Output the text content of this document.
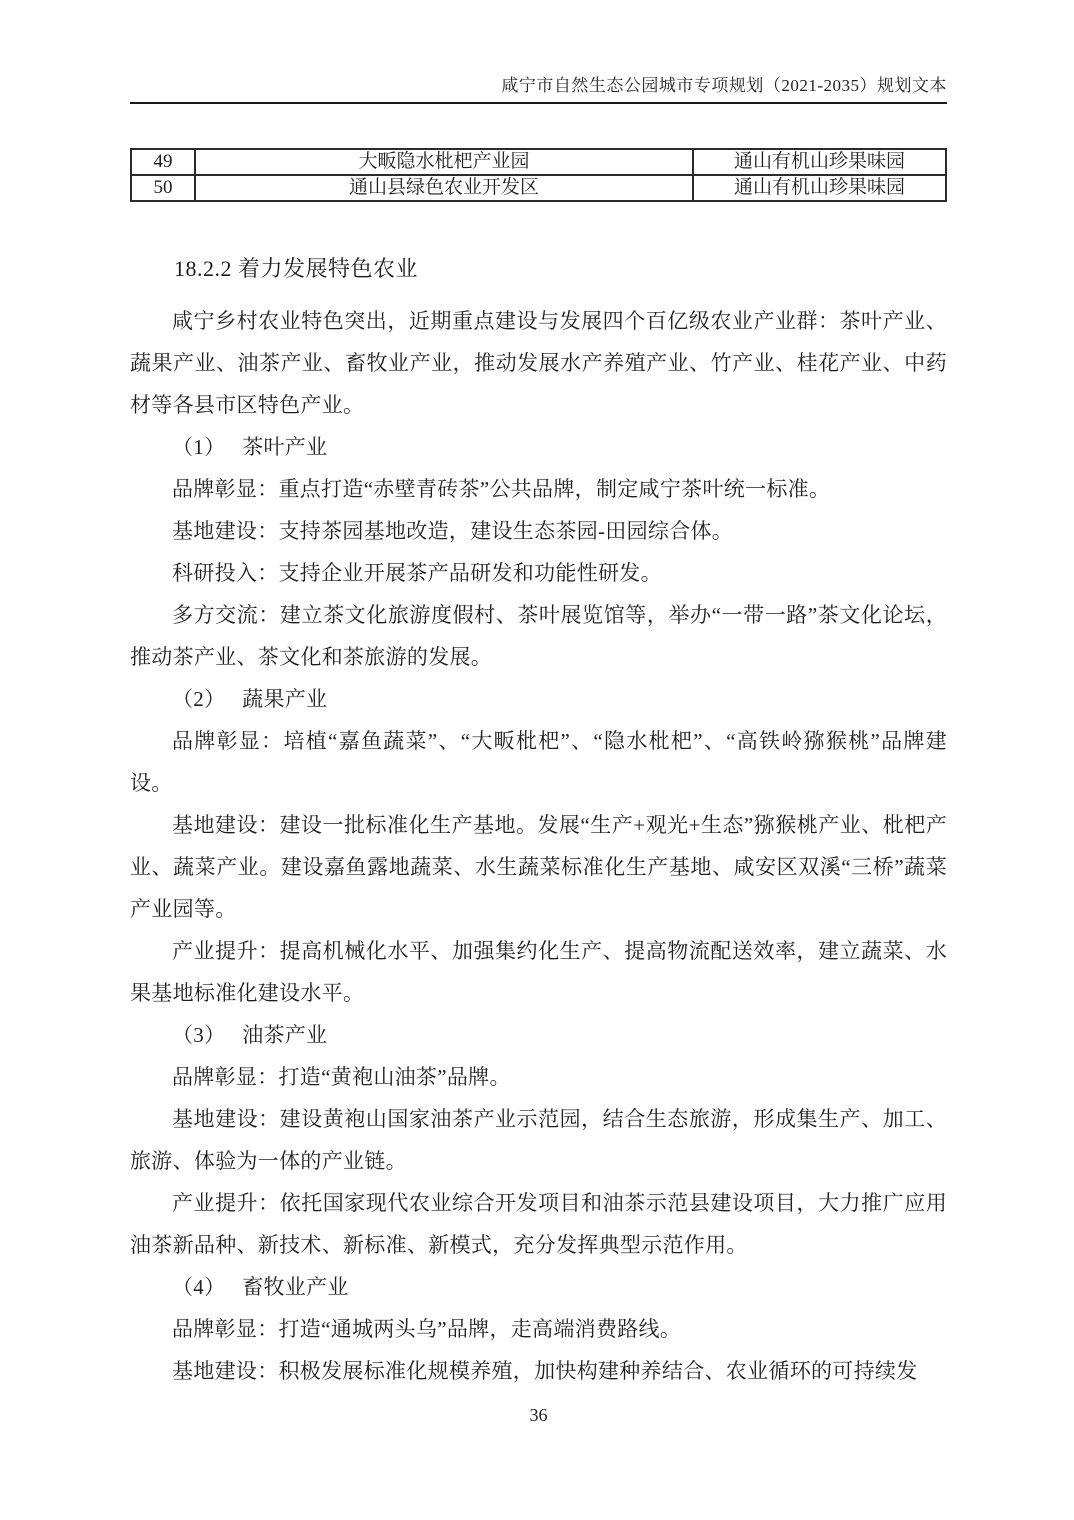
咸宁市自然生态公园城市专项规划（2021-2035）规划文本
49	大畈隐水枇杷产业园	通山有机山珍果味园
50	通山县绿色农业开发区	通山有机山珍果味园
18.2.2 着力发展特色农业

咸宁乡村农业特色突出，近期重点建设与发展四个百亿级农业产业群：茶叶产业、蔬果产业、油茶产业、畜牧业产业，推动发展水产养殖产业、竹产业、桂花产业、中药材等各县市区特色产业。

（1） 茶叶产业

品牌彰显：重点打造“赤壁青砖茶”公共品牌，制定咸宁茶叶统一标准。

基地建设：支持茶园基地改造，建设生态茶园-田园综合体。

科研投入：支持企业开展茶产品研发和功能性研发。

多方交流：建立茶文化旅游度假村、茶叶展览馆等，举办“一带一路”茶文化论坛，推动茶产业、茶文化和茶旅游的发展。

（2） 蔬果产业

品牌彰显：培植“嘉鱼蔬菜”、“大畈枇杷”、“隐水枇杷”、“高铁岭猕猴桃”品牌建设。

基地建设：建设一批标准化生产基地。发展“生产+观光+生态”猕猴桃产业、枇杷产业、蔬菜产业。建设嘉鱼露地蔬菜、水生蔬菜标准化生产基地、咸安区双溪“三桥”蔬菜产业园等。

产业提升：提高机械化水平、加强集约化生产、提高物流配送效率，建立蔬菜、水果基地标准化建设水平。

（3） 油茶产业

品牌彰显：打造“黄袍山油茶”品牌。

基地建设：建设黄袍山国家油茶产业示范园，结合生态旅游，形成集生产、加工、旅游、体验为一体的产业链。

产业提升：依托国家现代农业综合开发项目和油茶示范县建设项目，大力推广应用油茶新品种、新技术、新标准、新模式，充分发挥典型示范作用。

（4） 畜牧业产业

品牌彰显：打造“通城两头乌”品牌，走高端消费路线。

基地建设：积极发展标准化规模养殖，加快构建种养结合、农业循环的可持续发

36
